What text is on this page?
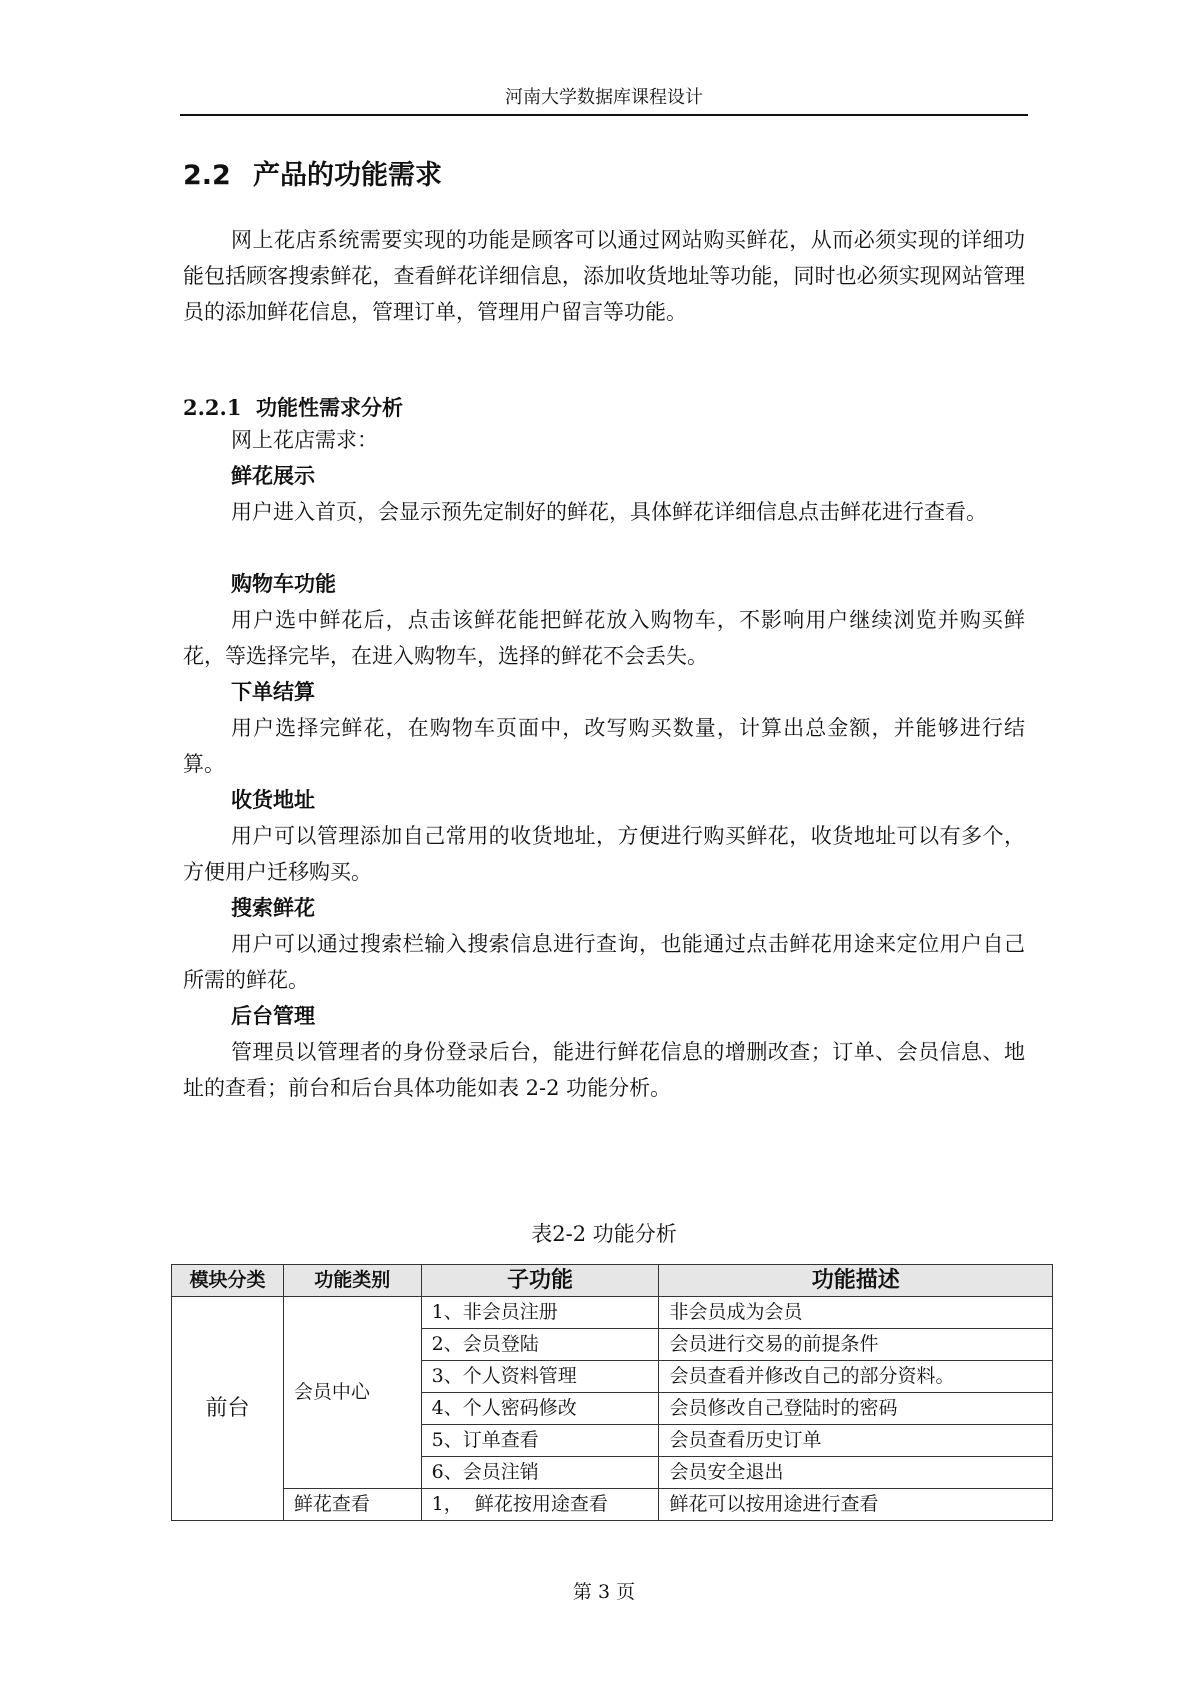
河南大学数据库课程设计
2.2 产品的功能需求

网上花店系统需要实现的功能是顾客可以通过网站购买鲜花，从而必须实现的详细功能包括顾客搜索鲜花，查看鲜花详细信息，添加收货地址等功能，同时也必须实现网站管理员的添加鲜花信息，管理订单，管理用户留言等功能。

2.2.1 功能性需求分析
网上花店需求：
鲜花展示

用户进入首页，会显示预先定制好的鲜花，具体鲜花详细信息点击鲜花进行查看。

购物车功能

用户选中鲜花后，点击该鲜花能把鲜花放入购物车，不影响用户继续浏览并购买鲜花，等选择完毕，在进入购物车，选择的鲜花不会丢失。

下单结算

用户选择完鲜花，在购物车页面中，改写购买数量，计算出总金额，并能够进行结算。

收货地址

用户可以管理添加自己常用的收货地址，方便进行购买鲜花，收货地址可以有多个，方便用户迁移购买。

搜索鲜花

用户可以通过搜索栏输入搜索信息进行查询，也能通过点击鲜花用途来定位用户自己所需的鲜花。

后台管理

管理员以管理者的身份登录后台，能进行鲜花信息的增删改查；订单、会员信息、地址的查看；前台和后台具体功能如表 2-2 功能分析。

表2-2 功能分析
模块分类	功能类别	子功能	功能描述
前台	会员中心	1、非会员注册	非会员成为会员
		2、会员登陆	会员进行交易的前提条件
		3、个人资料管理	会员查看并修改自己的部分资料。
		4、个人密码修改	会员修改自己登陆时的密码
		5、订单查看	会员查看历史订单
		6、会员注销	会员安全退出
	鲜花查看	1，  鲜花按用途查看	鲜花可以按用途进行查看
第 3 页
